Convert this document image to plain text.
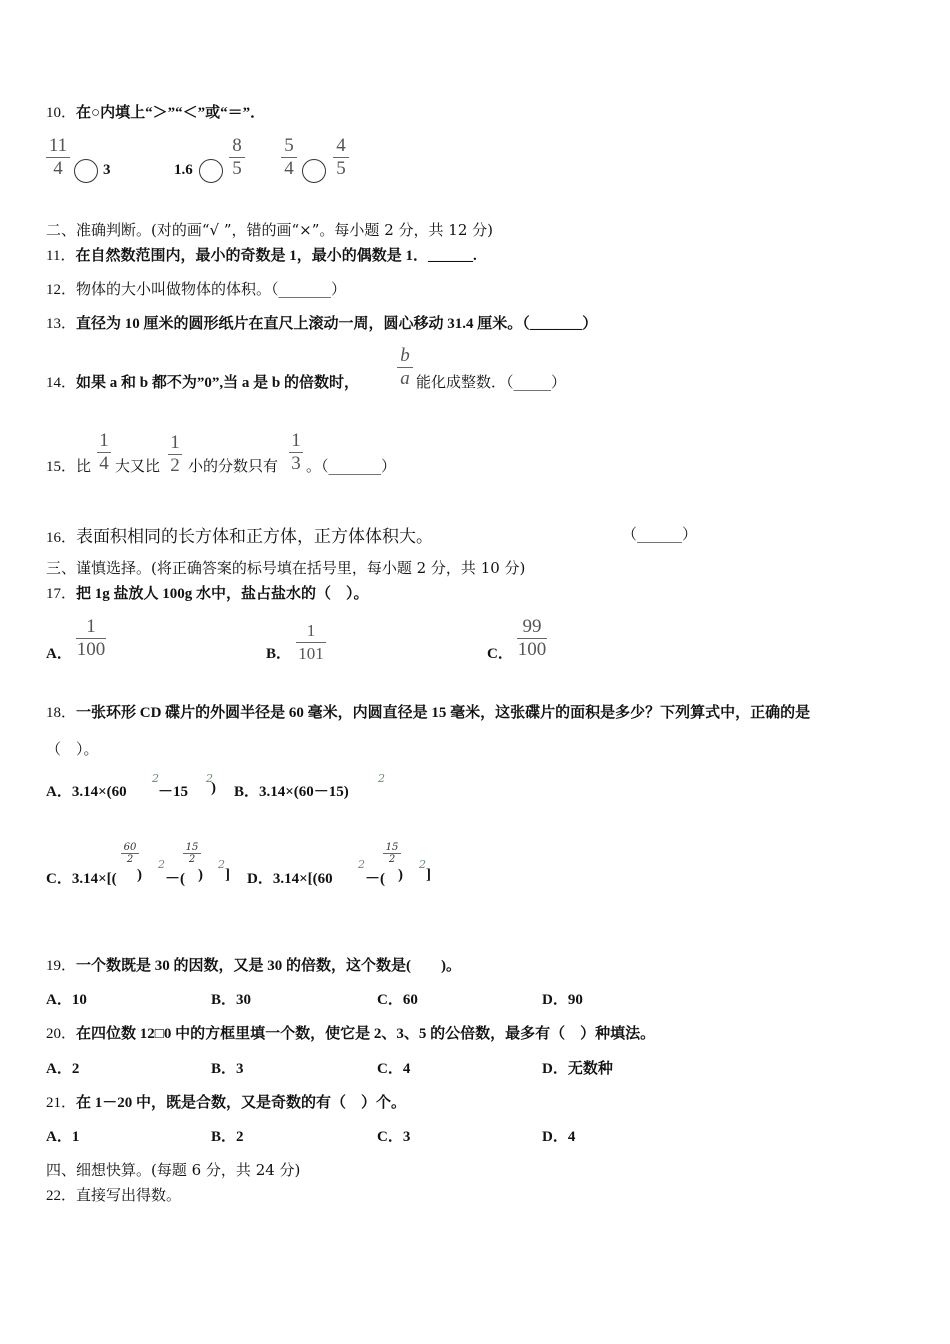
10．在○内填上“＞”“＜”或“＝”．
11
4	3	1.6
8
5
5
4
4
5
二、准确判断。(对的画“√ ”，错的画“×”。每小题 2 分，共 12 分)
11．在自然数范围内，最小的奇数是 1，最小的偶数是 1．______.
12．物体的大小叫做物体的体积。（_______）
13．直径为 10 厘米的圆形纸片在直尺上滚动一周，圆心移动 31.4 厘米。（_______）
14．如果 a 和 b 都不为”0”,当 a 是 b 的倍数时，
b
a 能化成整数．（_____）
15．比
1
4 大又比
1
2 小的分数只有
1
3 。（_______）
16．表面积相同的长方体和正方体，正方体体积大。	（______）
三、谨慎选择。(将正确答案的标号填在括号里，每小题 2 分，共 10 分)
17．把 1g 盐放人 100g 水中，盐占盐水的（　）。
A．
1
100	B．
1
101	C．
99
100
18．一张环形 CD 碟片的外圆半径是 60 毫米，内圆直径是 15 毫米，这张碟片的面积是多少？下列算式中，正确的是
（　）。
A．3.14×(60
2
－15
2
) B．3.14×(60－15)
2
C．3.14×[(
60
2
)
2
－(
15
2
)
2
] D．3.14×[(60
2
－(
15
2
)
2
]
19．一个数既是 30 的因数，又是 30 的倍数，这个数是(　　)。
A．10	B．30	C．60	D．90
20．在四位数 12□0 中的方框里填一个数，使它是 2、3、5 的公倍数，最多有（　）种填法。
A．2	B．3	C．4	D．无数种
21．在 1－20 中，既是合数，又是奇数的有（　）个。
A．1	B．2	C．3	D．4
四、细想快算。(每题 6 分，共 24 分)
22．直接写出得数。
